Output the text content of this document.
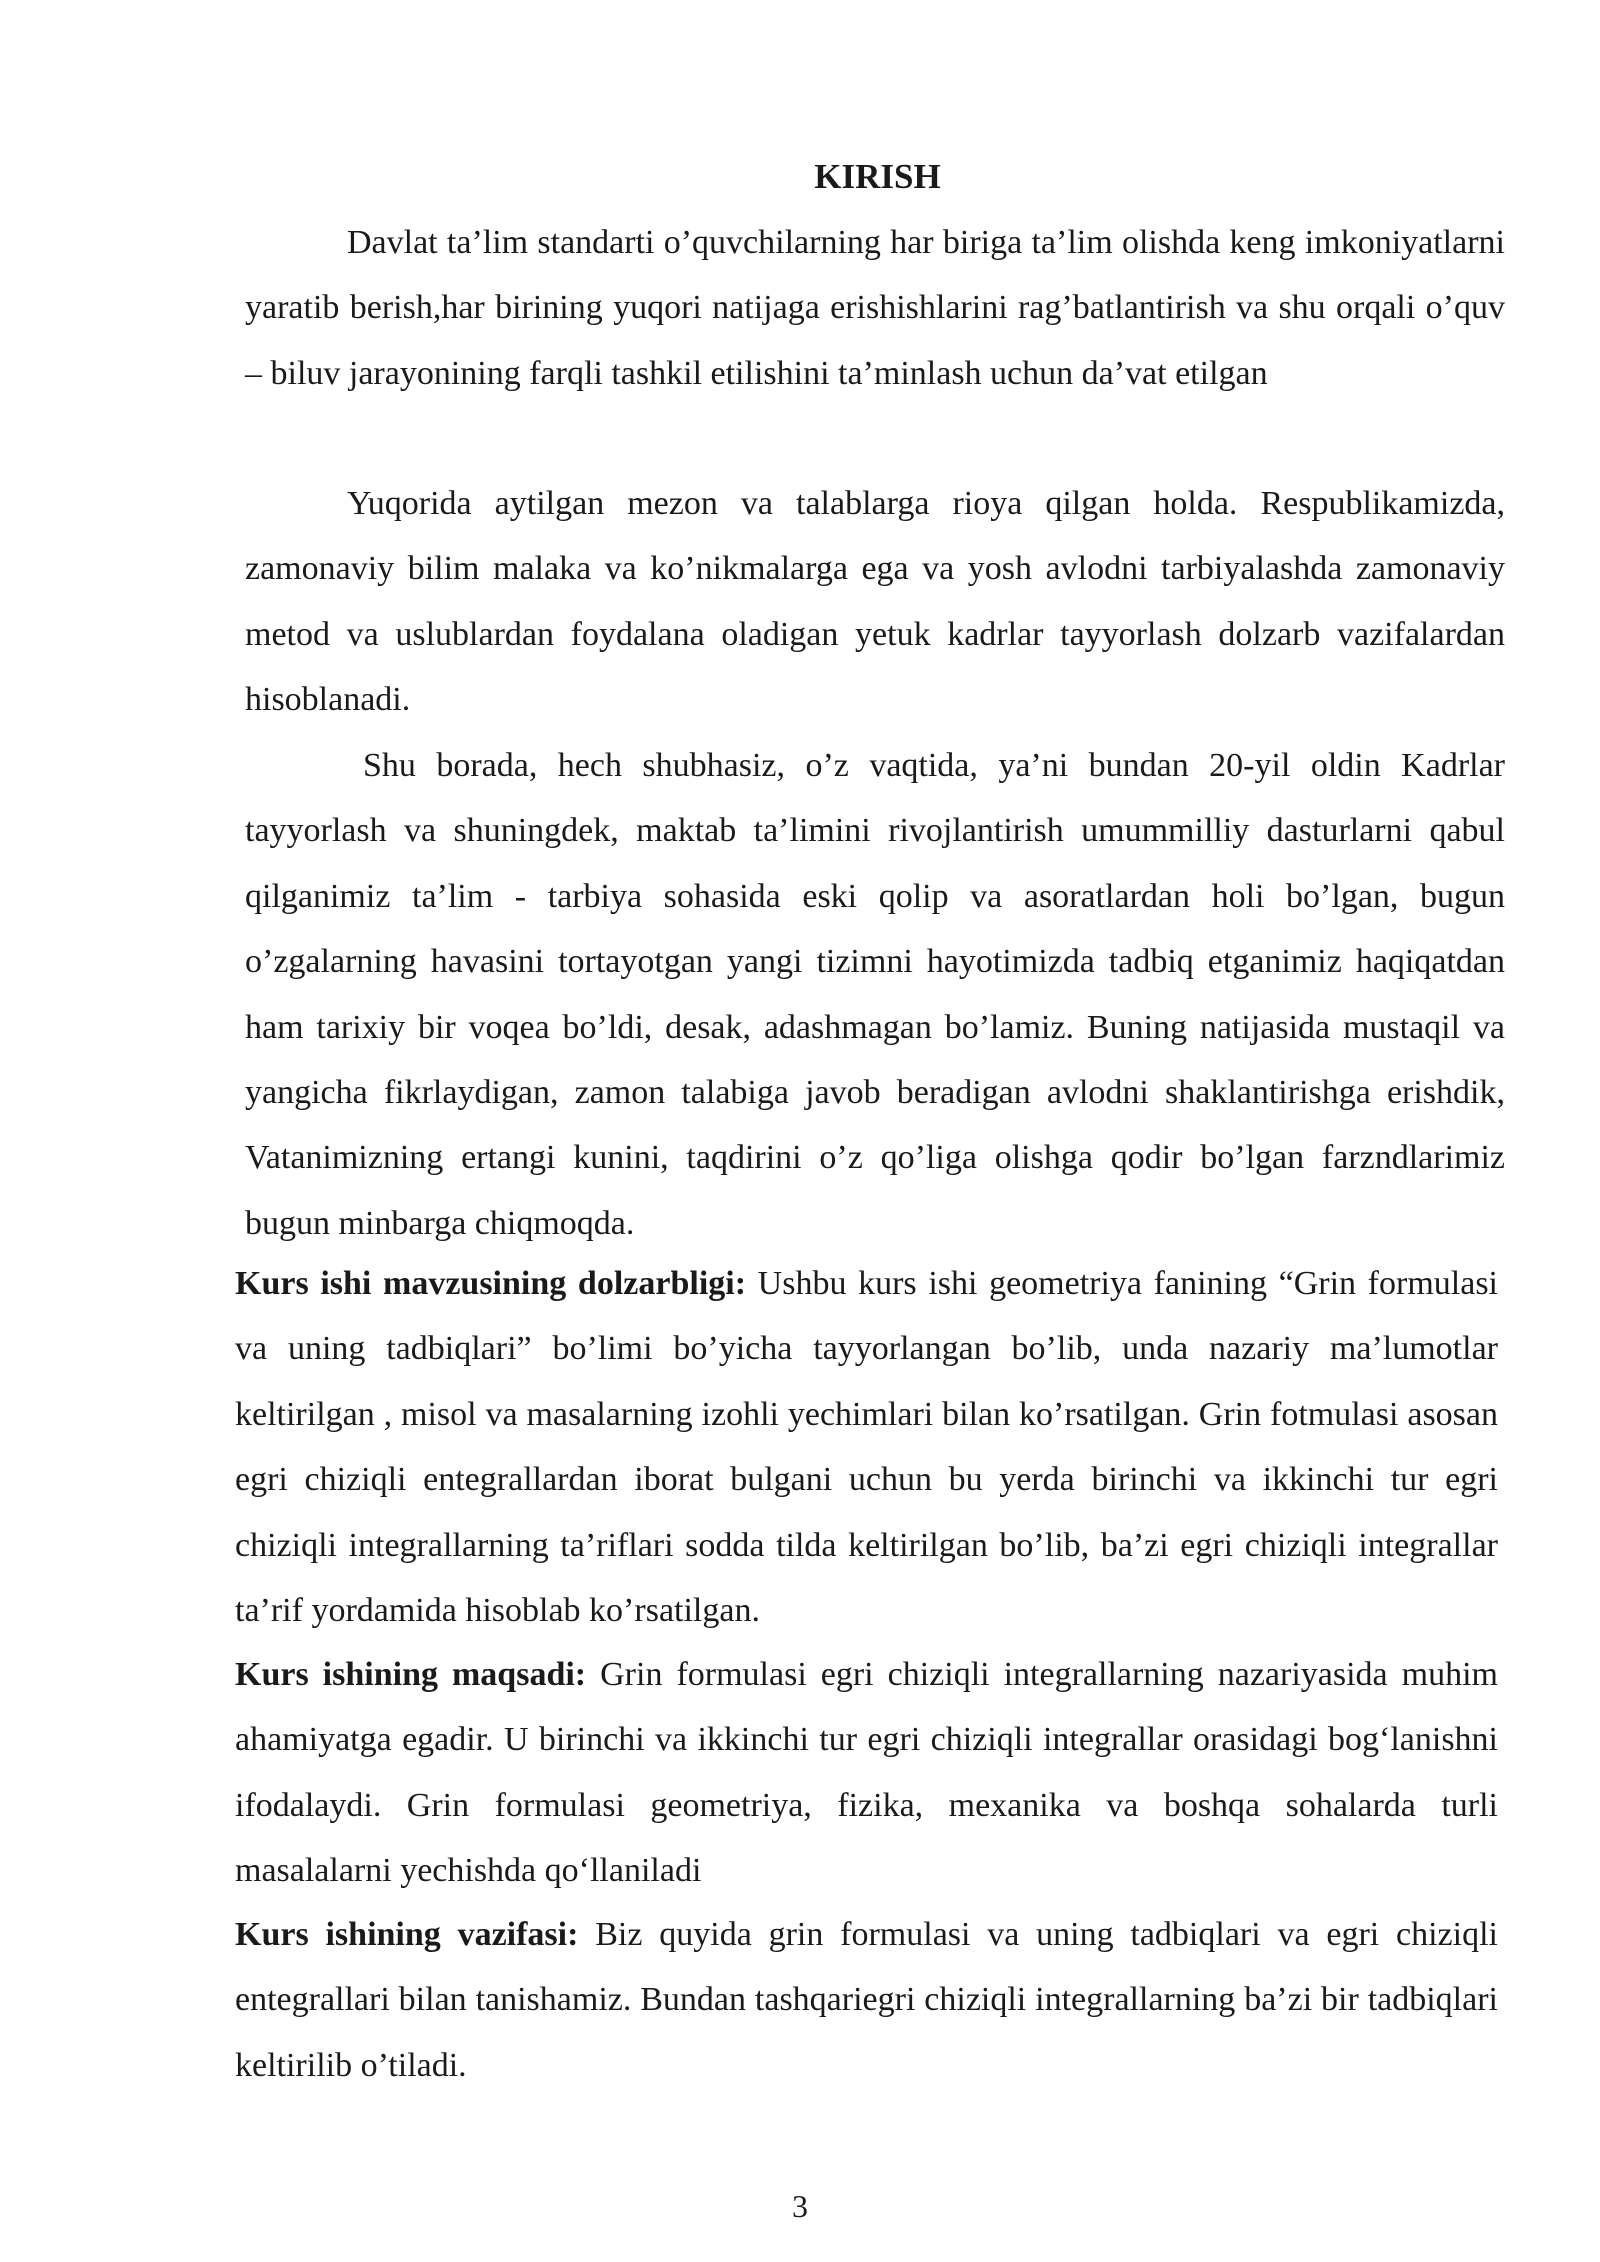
KIRISH

Davlat ta’lim standarti o’quvchilarning har biriga ta’lim olishda keng imkoniyatlarni yaratib berish,har birining yuqori natijaga erishishlarini rag’batlantirish va shu orqali o’quv – biluv jarayonining farqli tashkil etilishini ta’minlash uchun da’vat etilgan

Yuqorida aytilgan mezon va talablarga rioya qilgan holda. Respublikamizda, zamonaviy bilim malaka va ko’nikmalarga ega va yosh avlodni tarbiyalashda zamonaviy metod va uslublardan foydalana oladigan yetuk kadrlar tayyorlash dolzarb vazifalardan hisoblanadi.

Shu borada, hech shubhasiz, o’z vaqtida, ya’ni bundan 20-yil oldin Kadrlar tayyorlash va shuningdek, maktab ta’limini rivojlantirish umummilliy dasturlarni qabul qilganimiz ta’lim - tarbiya sohasida eski qolip va asoratlardan holi bo’lgan, bugun o’zgalarning havasini tortayotgan yangi tizimni hayotimizda tadbiq etganimiz haqiqatdan ham tarixiy bir voqea bo’ldi, desak, adashmagan bo’lamiz. Buning natijasida mustaqil va yangicha fikrlaydigan, zamon talabiga javob beradigan avlodni shaklantirishga erishdik, Vatanimizning ertangi kunini, taqdirini o’z qo’liga olishga qodir bo’lgan farzndlarimiz bugun minbarga chiqmoqda.

Kurs ishi mavzusining dolzarbligi: Ushbu kurs ishi geometriya fanining “Grin formulasi va uning tadbiqlari” bo’limi bo’yicha tayyorlangan bo’lib, unda nazariy ma’lumotlar keltirilgan , misol va masalarning izohli yechimlari bilan ko’rsatilgan. Grin fotmulasi asosan egri chiziqli entegrallardan iborat bulgani uchun bu yerda birinchi va ikkinchi tur egri chiziqli integrallarning ta’riflari sodda tilda keltirilgan bo’lib, ba’zi egri chiziqli integrallar ta’rif yordamida hisoblab ko’rsatilgan.

Kurs ishining maqsadi: Grin formulasi egri chiziqli integrallarning nazariyasida muhim ahamiyatga egadir. U birinchi va ikkinchi tur egri chiziqli integrallar orasidagi bog‘lanishni ifodalaydi. Grin formulasi geometriya, fizika, mexanika va boshqa sohalarda turli masalalarni yechishda qo‘llaniladi

Kurs ishining vazifasi: Biz quyida grin formulasi va uning tadbiqlari va egri chiziqli entegrallari bilan tanishamiz. Bundan tashqariegri chiziqli integrallarning ba’zi bir tadbiqlari keltirilib o’tiladi.

3
